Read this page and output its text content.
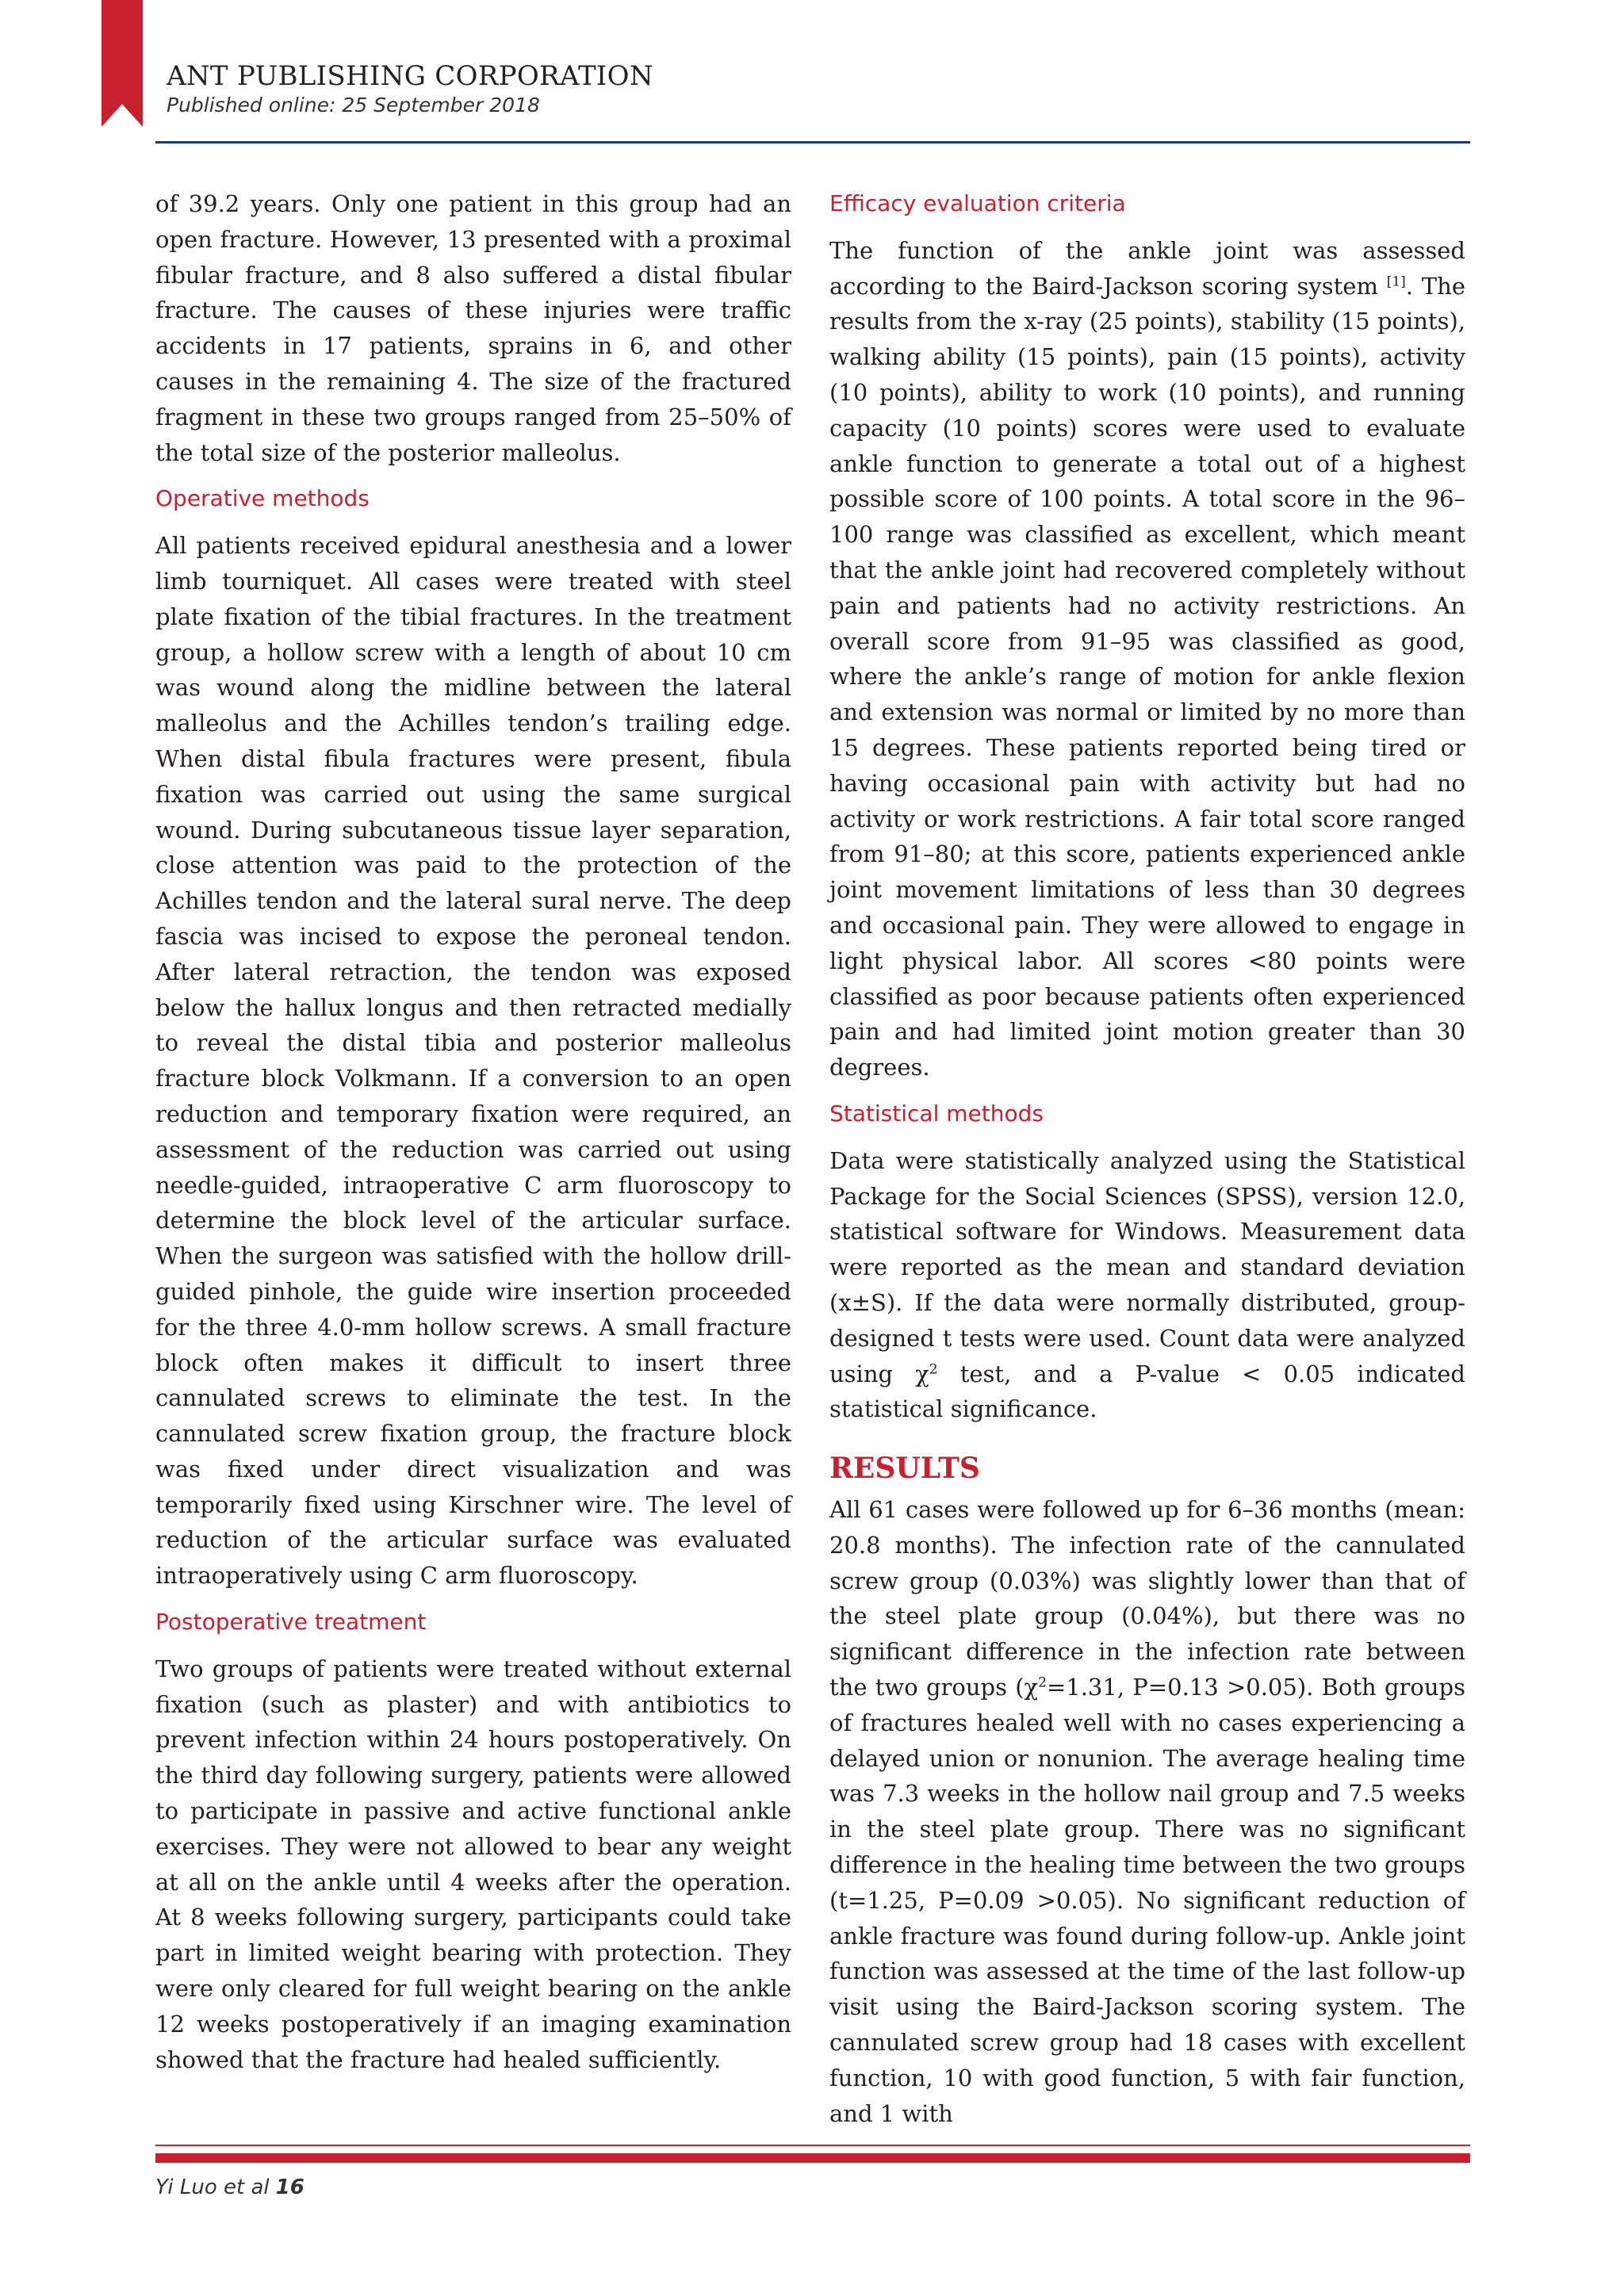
ANT PUBLISHING CORPORATION

Published online: 25 September 2018

of 39.2 years. Only one patient in this group had an open fracture. However, 13 presented with a proximal fibular fracture, and 8 also suffered a distal fibular fracture. The causes of these injuries were traffic accidents in 17 patients, sprains in 6, and other causes in the remaining 4. The size of the fractured fragment in these two groups ranged from 25–50% of the total size of the posterior malleolus.

Operative methods

All patients received epidural anesthesia and a lower limb tourniquet. All cases were treated with steel plate fixation of the tibial fractures. In the treatment group, a hollow screw with a length of about 10 cm was wound along the midline between the lateral malleolus and the Achilles tendon’s trailing edge. When distal fibula fractures were present, fibula fixation was carried out using the same surgical wound. During subcutaneous tissue layer separation, close attention was paid to the protection of the Achilles tendon and the lateral sural nerve. The deep fascia was incised to expose the peroneal tendon. After lateral retraction, the tendon was exposed below the hallux longus and then retracted medially to reveal the distal tibia and posterior malleolus fracture block Volkmann. If a conversion to an open reduction and temporary fixation were required, an assessment of the reduction was carried out using needle-guided, intraoperative C arm fluoroscopy to determine the block level of the articular surface. When the surgeon was satisfied with the hollow drill-guided pinhole, the guide wire insertion proceeded for the three 4.0-mm hollow screws. A small fracture block often makes it difficult to insert three cannulated screws to eliminate the test. In the cannulated screw fixation group, the fracture block was fixed under direct visualization and was temporarily fixed using Kirschner wire. The level of reduction of the articular surface was evaluated intraoperatively using C arm fluoroscopy.

Postoperative treatment

Two groups of patients were treated without external fixation (such as plaster) and with antibiotics to prevent infection within 24 hours postoperatively. On the third day following surgery, patients were allowed to participate in passive and active functional ankle exercises. They were not allowed to bear any weight at all on the ankle until 4 weeks after the operation. At 8 weeks following surgery, participants could take part in limited weight bearing with protection. They were only cleared for full weight bearing on the ankle 12 weeks postoperatively if an imaging examination showed that the fracture had healed sufficiently.

Efficacy evaluation criteria

The function of the ankle joint was assessed according to the Baird-Jackson scoring system [1]. The results from the x-ray (25 points), stability (15 points), walking ability (15 points), pain (15 points), activity (10 points), ability to work (10 points), and running capacity (10 points) scores were used to evaluate ankle function to generate a total out of a highest possible score of 100 points. A total score in the 96–100 range was classified as excellent, which meant that the ankle joint had recovered completely without pain and patients had no activity restrictions. An overall score from 91–95 was classified as good, where the ankle’s range of motion for ankle flexion and extension was normal or limited by no more than 15 degrees. These patients reported being tired or having occasional pain with activity but had no activity or work restrictions. A fair total score ranged from 91–80; at this score, patients experienced ankle joint movement limitations of less than 30 degrees and occasional pain. They were allowed to engage in light physical labor. All scores <80 points were classified as poor because patients often experienced pain and had limited joint motion greater than 30 degrees.

Statistical methods

Data were statistically analyzed using the Statistical Package for the Social Sciences (SPSS), version 12.0, statistical software for Windows. Measurement data were reported as the mean and standard deviation (x±S). If the data were normally distributed, group-designed t tests were used. Count data were analyzed using $\chi^2$ test, and a P-value < 0.05 indicated statistical significance.

RESULTS

All 61 cases were followed up for 6–36 months (mean: 20.8 months). The infection rate of the cannulated screw group (0.03%) was slightly lower than that of the steel plate group (0.04%), but there was no significant difference in the infection rate between the two groups ($\chi^2=1.31$, P=0.13 >0.05). Both groups of fractures healed well with no cases experiencing a delayed union or nonunion. The average healing time was 7.3 weeks in the hollow nail group and 7.5 weeks in the steel plate group. There was no significant difference in the healing time between the two groups (t=1.25, P=0.09 >0.05). No significant reduction of ankle fracture was found during follow-up. Ankle joint function was assessed at the time of the last follow-up visit using the Baird-Jackson scoring system. The cannulated screw group had 18 cases with excellent function, 10 with good function, 5 with fair function, and 1 with

Yi Luo et al 16
